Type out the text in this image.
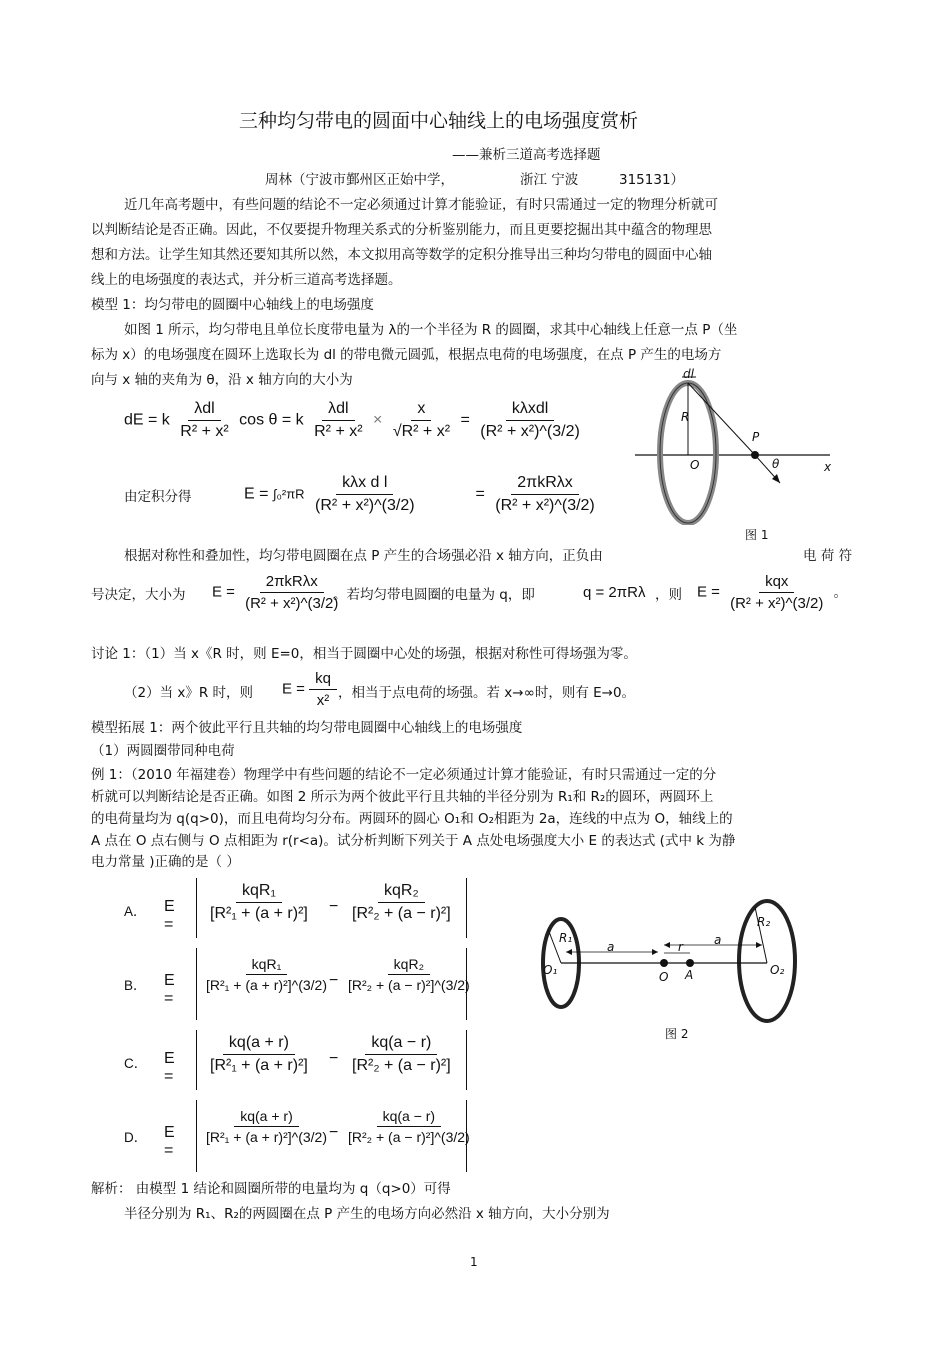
三种均匀带电的圆面中心轴线上的电场强度赏析
——兼析三道高考选择题
周林（宁波市鄞州区正始中学，	浙江 宁波	315131）
近几年高考题中，有些问题的结论不一定必须通过计算才能验证，有时只需通过一定的物理分析就可
以判断结论是否正确。因此，不仅要提升物理关系式的分析鉴别能力，而且更要挖掘出其中蕴含的物理思
想和方法。让学生知其然还要知其所以然，本文拟用高等数学的定积分推导出三种均匀带电的圆面中心轴
线上的电场强度的表达式，并分析三道高考选择题。
模型 1：均匀带电的圆圈中心轴线上的电场强度
如图 1 所示，均匀带电且单位长度带电量为 λ的一个半径为 R 的圆圈，求其中心轴线上任意一点 P（坐
标为 x）的电场强度在圆环上选取长为 dl 的带电微元圆弧，根据点电荷的电场强度，在点 P 产生的电场方
向与 x 轴的夹角为 θ，沿 x 轴方向的大小为
dE = k $\frac{\text{λdl}}{\text{R² + x²}}$ cos θ = k $\frac{\text{λdl}}{\text{R² + x²}} \times \frac{x}{\text{√R² + x²}} = \frac{\text{kλxdl}}{\text{(R² + x²)\textasciicircum{}(3/2)}}$
由定积分得	$E = \int_0^2\pi R \frac{\text{kλx d l}}{\text{(R² + x²)\textasciicircum{}(3/2)}}$	= $\frac{\text{2πkRλx}}{\text{(R² + x²)\textasciicircum{}(3/2)}}$
dl
R
P
O	θ	x
图 1
根据对称性和叠加性，均匀带电圆圈在点 P 产生的合场强必沿 x 轴方向，正负由	电 荷 符
号决定，大小为 $E = \frac{\text{2πkRλx}}{\text{(R² + x²)\textasciicircum{}(3/2)}}$
。若均匀带电圆圈的电量为 q，即	q = 2πRλ ，则 $E = \frac{\text{kqx}}{\text{(R² + x²)\textasciicircum{}(3/2)}}$ 。
讨论 1：（1）当 x《R 时，则 E=0，相当于圆圈中心处的场强，根据对称性可得场强为零。
（2）当 x》R 时，则 $E = \frac{kq}{\text{x²}}$ ，相当于点电荷的场强。若 x→∞时，则有 E→0。
模型拓展 1：两个彼此平行且共轴的均匀带电圆圈中心轴线上的电场强度
（1）两圆圈带同种电荷
例 1：（2010 年福建卷）物理学中有些问题的结论不一定必须通过计算才能验证，有时只需通过一定的分
析就可以判断结论是否正确。如图 2 所示为两个彼此平行且共轴的半径分别为 R₁和 R₂的圆环，两圆环上
的电荷量均为 q(q>0)，而且电荷均匀分布。两圆环的圆心 O₁和 O₂相距为 2a，连线的中点为 O，轴线上的
A 点在 O 点右侧与 O 点相距为 r(r<a)。试分析判断下列关于 A 点处电场强度大小 E 的表达式 (式中 k 为静
电力常量 )正确的是（ ）
A． E =
kqR₁
[R²₁ + (a + r)²]	−
kqR₂
[R²₂ + (a − r)²]
B． E =
kqR₁
[R²₁ + (a + r)²]^(3/2) −
kqR₂
[R²₂ + (a − r)²]^(3/2)
C． E =
$\frac{kq(a + r)}{\text{[R²₁ + (a + r)²]}} - \frac{kq(a - r)}{\text{[R²₂ + (a − r)²]}}$
D． E =
$\frac{kq(a + r)}{\text{[R²₁ + (a + r)²]\textasciicircum{}(3/2)}}$
− $\frac{kq(a - r)}{\text{[R²₂ + (a − r)²]\textasciicircum{}(3/2)}}$
R₁
R₂
O₁	O₂
O A
a	a
r
图 2
解析： 由模型 1 结论和圆圈所带的电量均为 q（q>0）可得
半径分别为 R₁、R₂的两圆圈在点 P 产生的电场方向必然沿 x 轴方向，大小分别为
1
